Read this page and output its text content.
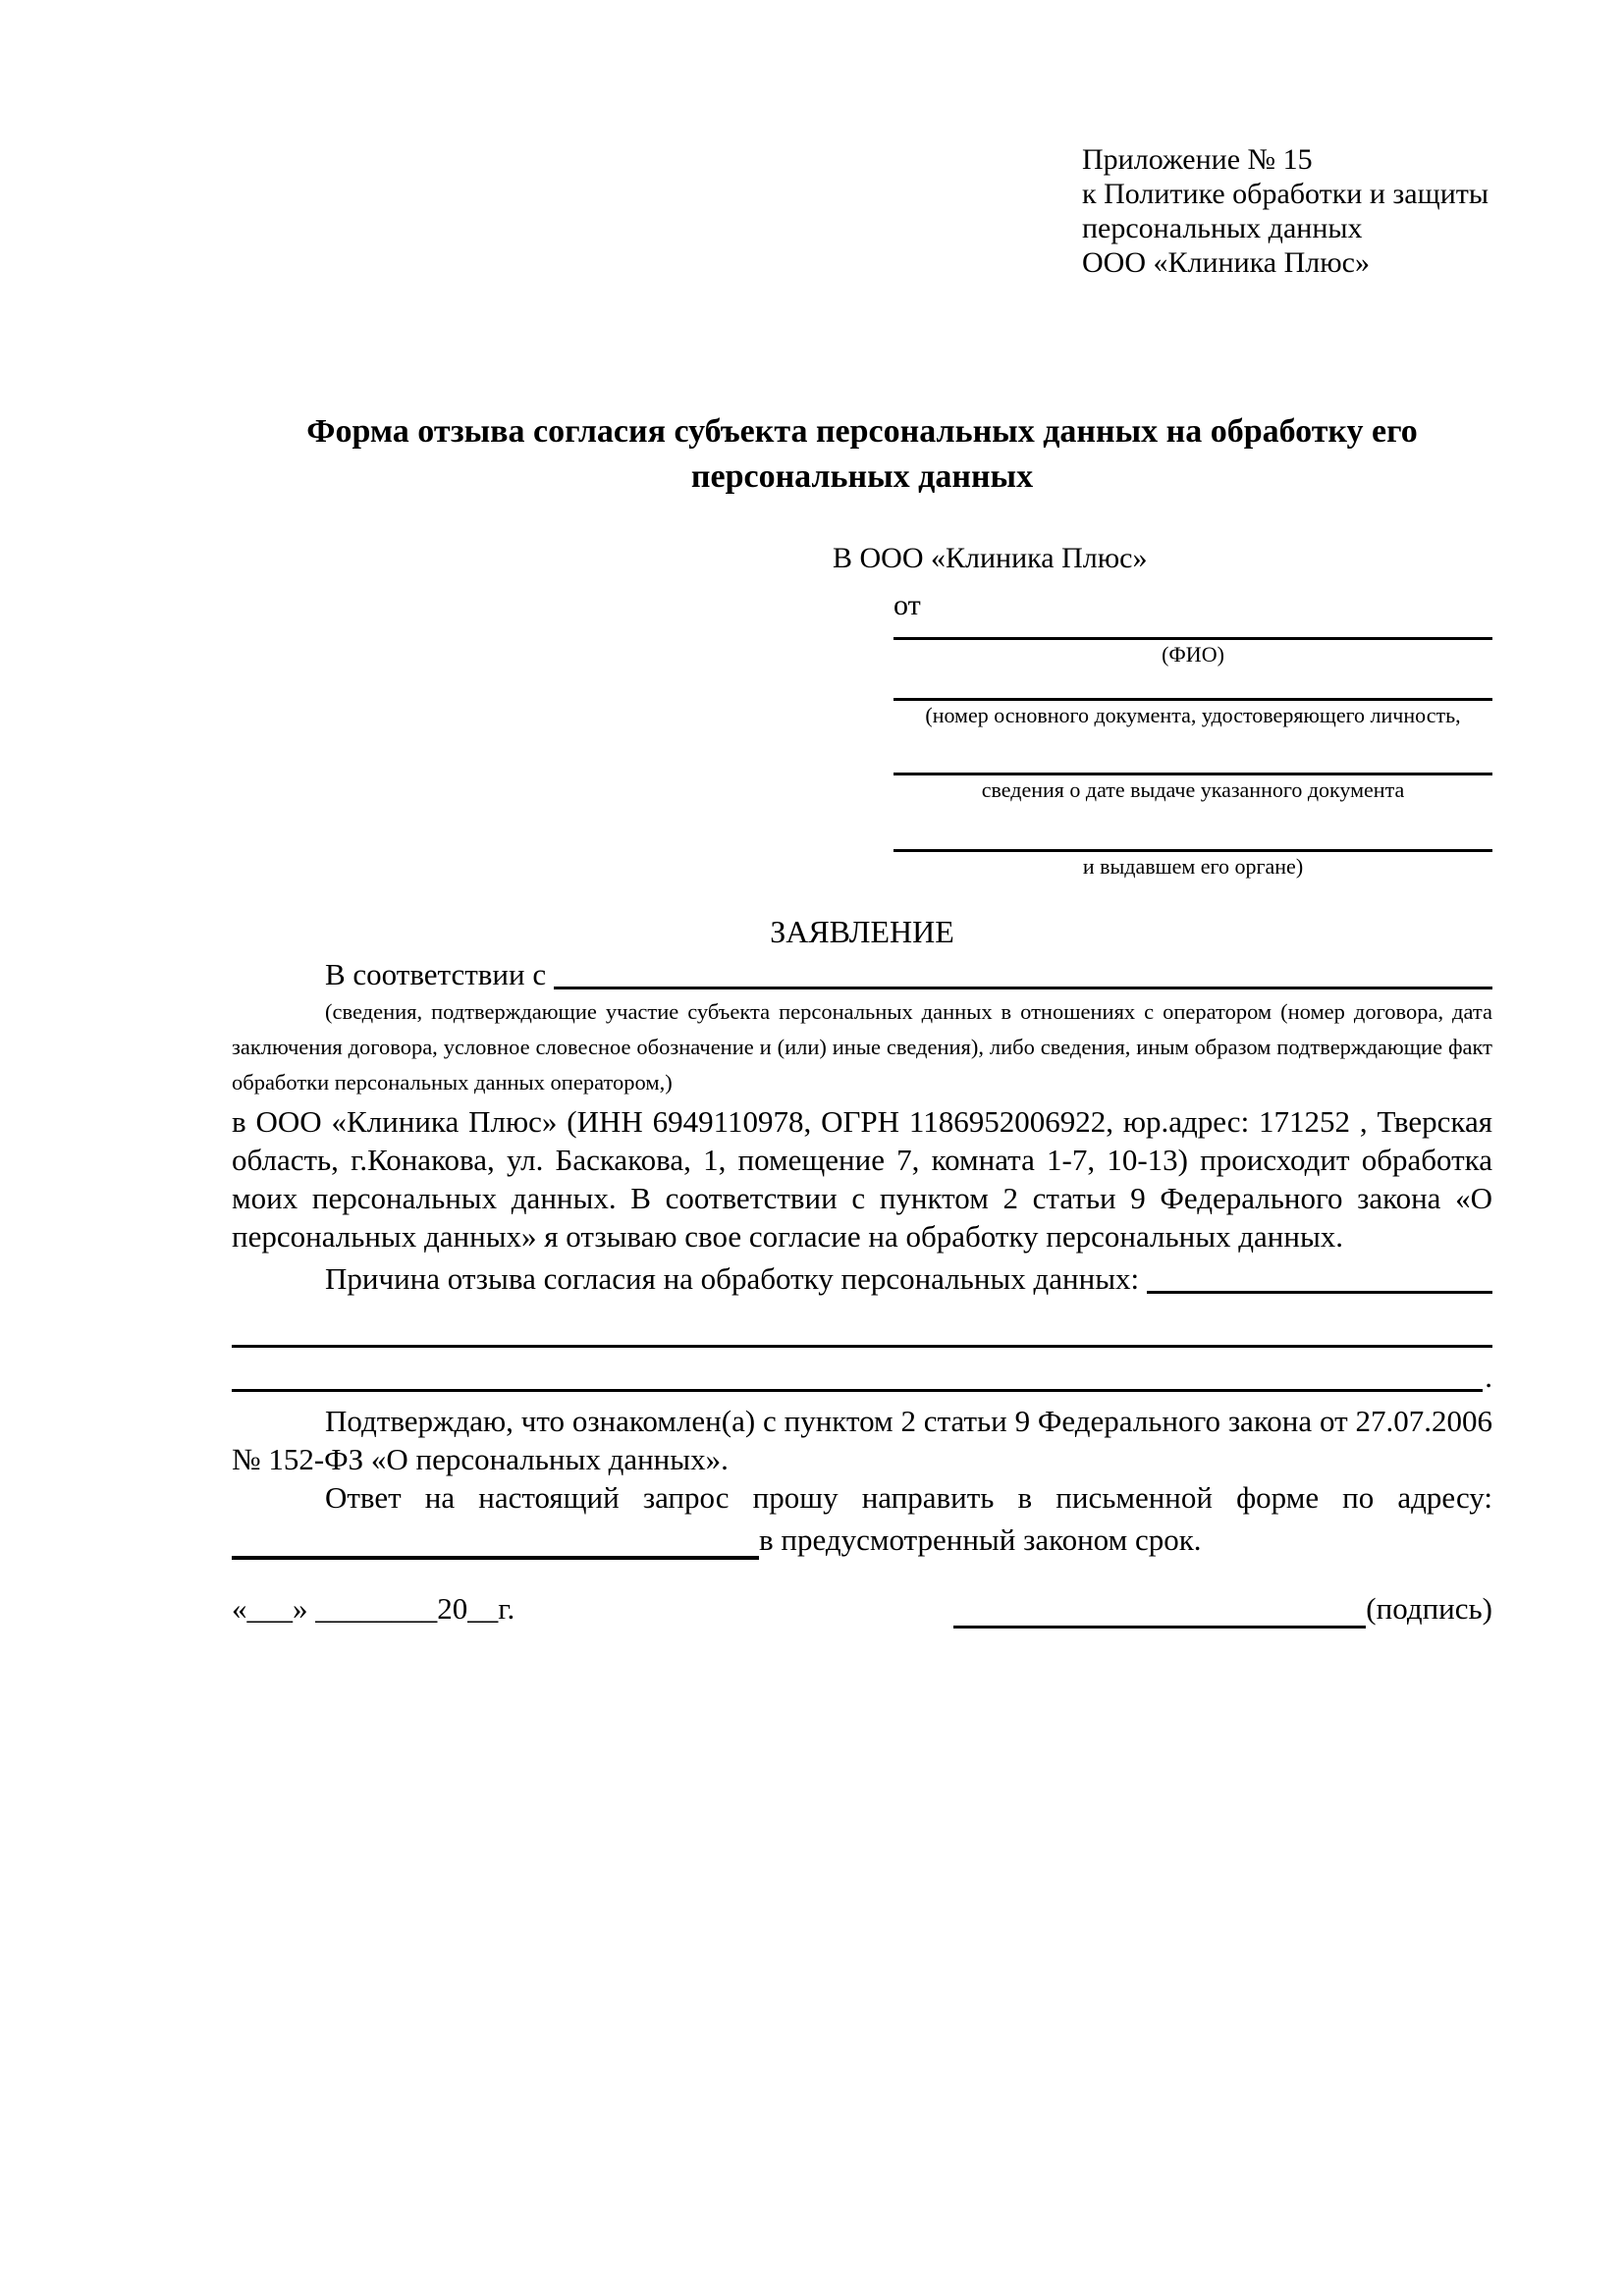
Приложение № 15
к Политике обработки и защиты
персональных данных
ООО «Клиника Плюс»
Форма отзыва согласия субъекта персональных данных на обработку его персональных данных
В ООО «Клиника Плюс»
от
(ФИО)
(номер основного документа, удостоверяющего личность,
сведения о дате выдаче указанного документа
и выдавшем его органе)
ЗАЯВЛЕНИЕ
В соответствии с
(сведения, подтверждающие участие субъекта персональных данных в отношениях с оператором (номер договора, дата заключения договора, условное словесное обозначение и (или) иные сведения), либо сведения, иным образом подтверждающие факт обработки персональных данных оператором,)
в ООО «Клиника Плюс» (ИНН 6949110978, ОГРН 1186952006922, юр.адрес: 171252 , Тверская область, г.Конакова, ул. Баскакова, 1, помещение 7, комната 1-7, 10-13) происходит обработка моих персональных данных. В соответствии с пунктом 2 статьи 9 Федерального закона «О персональных данных» я отзываю свое согласие на обработку персональных данных.
Причина отзыва согласия на обработку персональных данных:
.
Подтверждаю, что ознакомлен(а) с пунктом 2 статьи 9 Федерального закона от 27.07.2006 № 152-ФЗ «О персональных данных».
Ответ на настоящий запрос прошу направить в письменной форме по адресу:
в предусмотренный законом срок.
«___» ________20__г.	(подпись)
